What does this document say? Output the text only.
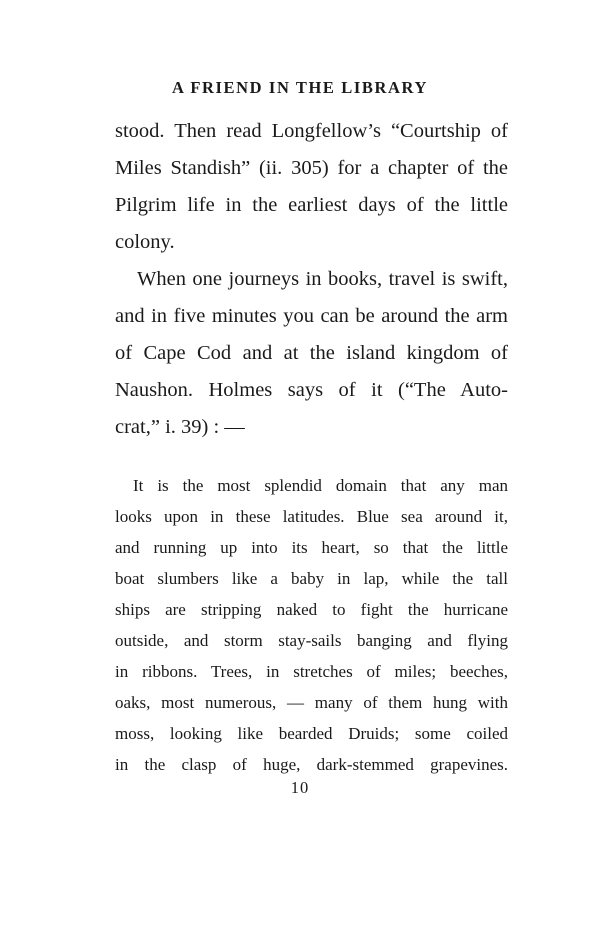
A FRIEND IN THE LIBRARY
stood. Then read Longfellow’s “Courtship of
Miles Standish” (ii. 305) for a chapter of the
Pilgrim life in the earliest days of the little
colony.
When one journeys in books, travel is swift,
and in five minutes you can be around the arm
of Cape Cod and at the island kingdom of
Naushon. Holmes says of it (“The Auto-
crat,” i. 39) : —
It is the most splendid domain that any man
looks upon in these latitudes. Blue sea around it,
and running up into its heart, so that the little
boat slumbers like a baby in lap, while the tall
ships are stripping naked to fight the hurricane
outside, and storm stay-sails banging and flying
in ribbons. Trees, in stretches of miles; beeches,
oaks, most numerous, — many of them hung with
moss, looking like bearded Druids; some coiled
in the clasp of huge, dark-stemmed grapevines.
10
